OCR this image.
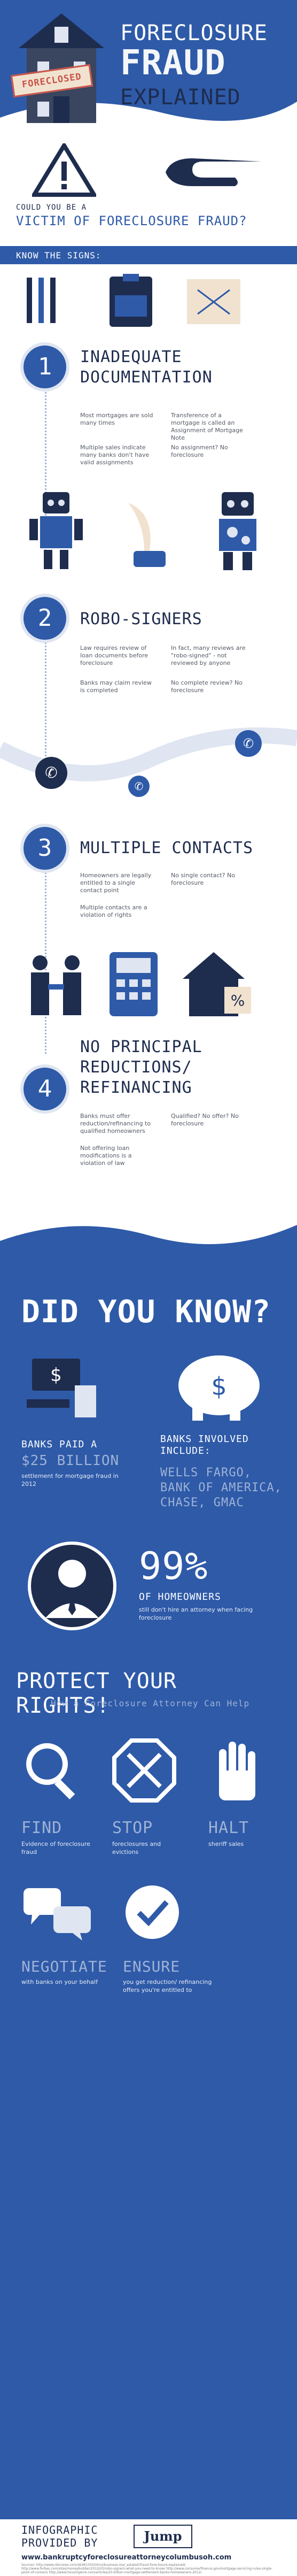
FORECLOSED
FORECLOSURE
FRAUD
EXPLAINED
COULD YOU BE A
VICTIM OF FORECLOSURE FRAUD?
KNOW THE SIGNS:
1	INADEQUATE
DOCUMENTATION
Most mortgages are sold many times
Transference of a mortgage is called an Assignment of Mortgage Note
Multiple sales indicate many banks don't have valid assignments
No assignment? No foreclosure
2	ROBO-SIGNERS
Law requires review of loan documents before foreclosure
In fact, many reviews are "robo-signed" - not reviewed by anyone
Banks may claim review is completed
No complete review? No foreclosure
✆
✆
✆
3	MULTIPLE CONTACTS
Homeowners are legally entitled to a single contact point
No single contact? No foreclosure
Multiple contacts are a violation of rights
%
4
NO PRINCIPAL
REDUCTIONS/
REFINANCING
Banks must offer reduction/refinancing to qualified homeowners
Qualified? No offer? No foreclosure
Not offering loan modifications is a violation of law
DID YOU KNOW?
$
BANKS PAID A
$25 BILLION
settlement for mortgage fraud in 2012
$
BANKS INVOLVED INCLUDE:
WELLS FARGO, BANK OF AMERICA, CHASE, GMAC
99%
OF HOMEOWNERS
still don't hire an attorney when facing foreclosure
PROTECT YOUR RIGHTS!
How a Foreclosure Attorney Can Help
FIND
Evidence of foreclosure fraud
STOP
foreclosures and evictions
HALT
sheriff sales
NEGOTIATE
with banks on your behalf
ENSURE
you get reduction/ refinancing offers you're entitled to
INFOGRAPHIC
PROVIDED BY	Jump
www.bankruptcyforeclosureattorneycolumbusoh.com
Sources: http://www.nbcnews.com/id/46155024/ns/business-real_estate/t/fraud-foreclosure-explained/ http://www.forbes.com/sites/moneybuilder/2012/03/robo-signers-what-you-need-to-know/ http://www.consumerfinance.gov/mortgage-servicing-rules-single-point-of-contact/ http://www.housingwire.com/articles/25-billion-mortgage-settlement-banks-homeowners-2012/
